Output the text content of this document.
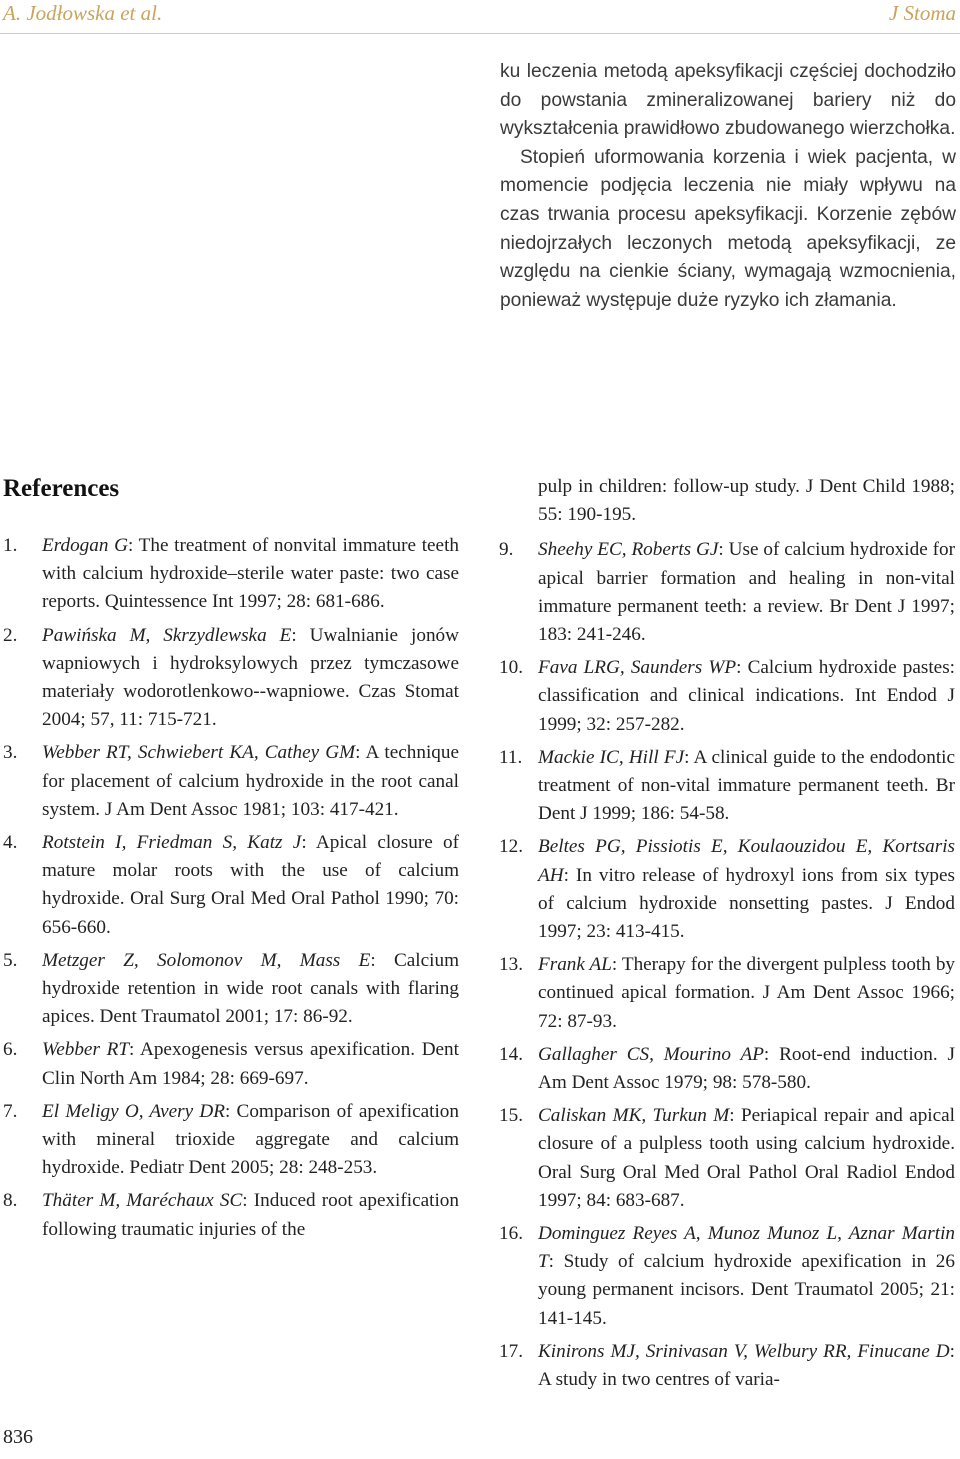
A. Jodłowska et al.	J Stoma

ku leczenia metodą apeksyfikacji częściej dochodziło do powstania zmineralizowanej bariery niż do wykształcenia prawidłowo zbudowanego wierzchołka.

Stopień uformowania korzenia i wiek pacjenta, w momencie podjęcia leczenia nie miały wpływu na czas trwania procesu apeksyfikacji. Korzenie zębów niedojrzałych leczonych metodą apeksyfikacji, ze względu na cienkie ściany, wymagają wzmocnienia, ponieważ występuje duże ryzyko ich złamania.

References
1. Erdogan G: The treatment of nonvital immature teeth with calcium hydroxide–sterile water paste: two case reports. Quintessence Int 1997; 28: 681-686.
2. Pawińska M, Skrzydlewska E: Uwalnianie jonów wapniowych i hydroksylowych przez tymczasowe materiały wodorotlenkowo--wapniowe. Czas Stomat 2004; 57, 11: 715-721.
3. Webber RT, Schwiebert KA, Cathey GM: A technique for placement of calcium hydroxide in the root canal system. J Am Dent Assoc 1981; 103: 417-421.
4. Rotstein I, Friedman S, Katz J: Apical closure of mature molar roots with the use of calcium hydroxide. Oral Surg Oral Med Oral Pathol 1990; 70: 656-660.
5. Metzger Z, Solomonov M, Mass E: Calcium hydroxide retention in wide root canals with flaring apices. Dent Traumatol 2001; 17: 86-92.
6. Webber RT: Apexogenesis versus apexification. Dent Clin North Am 1984; 28: 669-697.
7. El Meligy O, Avery DR: Comparison of apexification with mineral trioxide aggregate and calcium hydroxide. Pediatr Dent 2005; 28: 248-253.
8. Thäter M, Maréchaux SC: Induced root apexification following traumatic injuries of the
pulp in children: follow-up study. J Dent Child 1988; 55: 190-195.
9. Sheehy EC, Roberts GJ: Use of calcium hydroxide for apical barrier formation and healing in non-vital immature permanent teeth: a review. Br Dent J 1997; 183: 241-246.
10. Fava LRG, Saunders WP: Calcium hydroxide pastes: classification and clinical indications. Int Endod J 1999; 32: 257-282.
11. Mackie IC, Hill FJ: A clinical guide to the endodontic treatment of non-vital immature permanent teeth. Br Dent J 1999; 186: 54-58.
12. Beltes PG, Pissiotis E, Koulaouzidou E, Kortsaris AH: In vitro release of hydroxyl ions from six types of calcium hydroxide nonsetting pastes. J Endod 1997; 23: 413-415.
13. Frank AL: Therapy for the divergent pulpless tooth by continued apical formation. J Am Dent Assoc 1966; 72: 87-93.
14. Gallagher CS, Mourino AP: Root-end induction. J Am Dent Assoc 1979; 98: 578-580.
15. Caliskan MK, Turkun M: Periapical repair and apical closure of a pulpless tooth using calcium hydroxide. Oral Surg Oral Med Oral Pathol Oral Radiol Endod 1997; 84: 683-687.
16. Dominguez Reyes A, Munoz Munoz L, Aznar Martin T: Study of calcium hydroxide apexification in 26 young permanent incisors. Dent Traumatol 2005; 21: 141-145.
17. Kinirons MJ, Srinivasan V, Welbury RR, Finucane D: A study in two centres of varia-
836
